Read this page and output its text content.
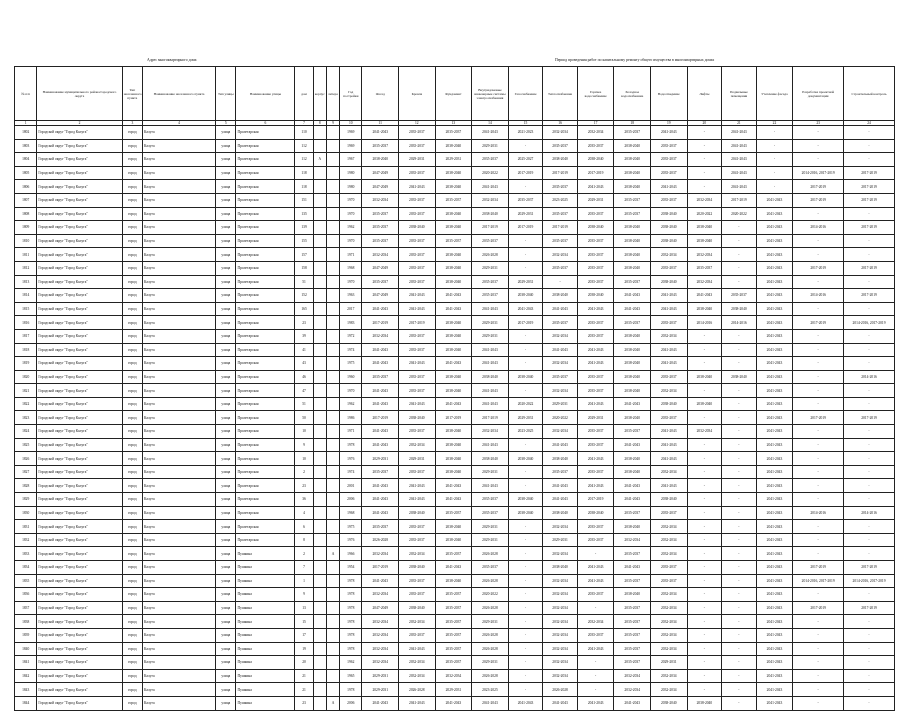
Адрес многоквартирного дома	Период проведения работ по капитальному ремонту общего имущества в многоквартирных домах
№ п/п	Наименование муниципального района/городского округа	Тип населенного пункта	Наименование населенного пункта	Тип улицы	Наименование улицы	дом	корпус	литера	Год постройки	Фасад	Кровля	Фундамент	Внутридомовые инженерные системы электроснабжения	Газоснабжение	Теплоснабжение	Горячее водоснабжение	Холодное водоснабжение	Водоотведение	Лифты	Подвальные помещения	Утепление фасада	Разработка проектной документации	Строительный контроль
1	2	3	4	5	6	7	8	9	10	11	12	13	14	15	16	17	18	19	20	21	22	23	24
1802	Городской округ "Город Калуга"	город	Калуга	улица	Пролетарская	110			1969	2041-2043	2035-2037	2035-2037	2041-2043	2021-2023	2032-2034	2032-2034	2035-2037	2041-2043	-	2041-2043	-	-	-
1803	Городской округ "Город Калуга"	город	Калуга	улица	Пролетарская	112			1969	2035-2037	2035-2037	2038-2040	2029-2031	-	2035-2037	2035-2037	2038-2040	2035-2037	-	2041-2043	-	-	-
1804	Городской округ "Город Калуга"	город	Калуга	улица	Пролетарская	112	А		1967	2038-2040	2029-2031	2029-2031	2035-2037	2025-2027	2038-2040	2038-2040	2038-2040	2035-2037	-	2041-2043	-	-	-
1805	Городской округ "Город Калуга"	город	Калуга	улица	Пролетарская	118			1980	2047-2049	2035-2037	2038-2040	2020-2022	2017-2019	2017-2019	2017-2019	2038-2040	2035-2037	-	2041-2043	-	2014-2016, 2017-2019	2017-2019
1806	Городской округ "Город Калуга"	город	Калуга	улица	Пролетарская	118			1980	2047-2049	2041-2043	2038-2040	2041-2043	-	2035-2037	2041-2043	2038-2040	2041-2043	-	2041-2043	-	2017-2019	2017-2019
1807	Городской округ "Город Калуга"	город	Калуга	улица	Пролетарская	151			1970	2032-2034	2035-2037	2035-2037	2032-2034	2035-2037	2023-2025	2029-2031	2035-2037	2035-2037	2032-2034	2017-2019	2041-2043	2017-2019	2017-2019
1808	Городской округ "Город Калуга"	город	Калуга	улица	Пролетарская	135			1970	2035-2037	2035-2037	2038-2040	2038-2040	2029-2031	2035-2037	2035-2037	2035-2037	2038-2040	2020-2022	2020-2022	2041-2043	-	-
1809	Городской округ "Город Калуга"	город	Калуга	улица	Пролетарская	139			1962	2035-2037	2038-2040	2038-2040	2017-2019	2017-2019	2017-2019	2038-2040	2038-2040	2038-2040	2038-2040	-	2041-2043	2014-2016	2017-2019
1810	Городской округ "Город Калуга"	город	Калуга	улица	Пролетарская	155			1970	2035-2037	2035-2037	2035-2037	2035-2037	-	2035-2037	2035-2037	2038-2040	2038-2040	2038-2040	-	2041-2043	-	-
1811	Городской округ "Город Калуга"	город	Калуга	улица	Пролетарская	157			1971	2032-2034	2035-2037	2038-2040	2026-2028	-	2032-2034	2035-2037	2038-2040	2032-2034	2032-2034	-	2041-2043	-	-
1812	Городской округ "Город Калуга"	город	Калуга	улица	Пролетарская	158			1968	2047-2049	2035-2037	2038-2040	2029-2031	-	2035-2037	2035-2037	2038-2040	2035-2037	2035-2037	-	2041-2043	2017-2019	2017-2019
1813	Городской округ "Город Калуга"	город	Калуга	улица	Пролетарская	51			1970	2035-2037	2035-2037	2038-2040	2035-2037	2029-2031	-	2035-2037	2035-2037	2038-2040	2032-2034	-	2041-2043	-	-
1814	Городской округ "Город Калуга"	город	Калуга	улица	Пролетарская	152			1963	2047-2049	2041-2043	2041-2043	2035-2037	2038-2040	2038-2040	2038-2040	2041-2043	2041-2043	2041-2043	2035-2037	2041-2043	2014-2016	2017-2019
1815	Городской округ "Город Калуга"	город	Калуга	улица	Пролетарская	165			2017	2041-2043	2041-2043	2041-2043	2041-2043	2041-2043	2041-2043	2041-2043	2041-2043	2041-2043	2038-2040	2038-2040	2041-2043	-	-
1816	Городской округ "Город Калуга"	город	Калуга	улица	Пролетарская	23			1983	2017-2019	2017-2019	2038-2040	2029-2031	2017-2019	2035-2037	2035-2037	2035-2037	2035-2037	2014-2016	2014-2016	2041-2043	2017-2019	2014-2016, 2017-2019
1817	Городской округ "Город Калуга"	город	Калуга	улица	Пролетарская	39			1972	2032-2034	2035-2037	2038-2040	2029-2031	-	2032-2034	2035-2037	2038-2040	2032-2034	-	-	2041-2043	-	-
1818	Городской округ "Город Калуга"	город	Калуга	улица	Пролетарская	41			1974	2041-2043	2035-2037	2038-2040	2041-2043	-	2041-2043	2041-2043	2038-2040	2041-2043	-	-	2041-2043	-	-
1819	Городской округ "Город Калуга"	город	Калуга	улица	Пролетарская	43			1975	2041-2043	2041-2043	2041-2043	2041-2043	-	2032-2034	2041-2043	2038-2040	2041-2043	-	-	2041-2043	-	-
1820	Городской округ "Город Калуга"	город	Калуга	улица	Пролетарская	46			1960	2035-2037	2035-2037	2038-2040	2038-2040	2038-2040	2035-2037	2035-2037	2038-2040	2035-2037	2038-2040	2038-2040	2041-2043	-	2014-2016
1821	Городской округ "Город Калуга"	город	Калуга	улица	Пролетарская	47			1970	2041-2043	2035-2037	2038-2040	2041-2043	-	2032-2034	2035-2037	2038-2040	2032-2034	-	-	2041-2043	-	-
1822	Городской округ "Город Калуга"	город	Калуга	улица	Пролетарская	51			1962	2041-2043	2041-2043	2041-2043	2041-2043	2020-2022	2029-2031	2041-2043	2041-2043	2038-2040	2038-2040	-	2041-2043	-	-
1823	Городской округ "Город Калуга"	город	Калуга	улица	Пролетарская	50			1986	2017-2019	2038-2040	2017-2019	2017-2019	2029-2031	2020-2022	2029-2031	2038-2040	2035-2037	-	-	2041-2043	2017-2019	2017-2019
1824	Городской округ "Город Калуга"	город	Калуга	улица	Пролетарская	10			1971	2041-2043	2035-2037	2038-2040	2032-2034	2023-2025	2032-2034	2035-2037	2035-2037	2041-2043	2032-2034	-	2041-2043	-	-
1825	Городской округ "Город Калуга"	город	Калуга	улица	Пролетарская	9			1978	2041-2043	2032-2034	2038-2040	2041-2043	-	2041-2043	2035-2037	2041-2043	2041-2043	-	-	2041-2043	-	-
1826	Городской округ "Город Калуга"	город	Калуга	улица	Пролетарская	10			1976	2029-2031	2029-2031	2038-2040	2038-2040	2038-2040	2038-2040	2041-2043	2038-2040	2041-2043	-	-	2041-2043	-	-
1827	Городской округ "Город Калуга"	город	Калуга	улица	Пролетарская	2			1974	2035-2037	2035-2037	2038-2040	2029-2031	-	2035-2037	2035-2037	2038-2040	2032-2034	-	-	2041-2043	-	-
1828	Городской округ "Город Калуга"	город	Калуга	улица	Пролетарская	23			2001	2041-2043	2041-2043	2041-2043	2041-2043	-	2041-2043	2041-2043	2041-2043	2041-2043	-	-	2041-2043	-	-
1829	Городской округ "Город Калуга"	город	Калуга	улица	Пролетарская	36			2006	2041-2043	2041-2043	2041-2043	2035-2037	2038-2040	2041-2043	2017-2019	2041-2043	2038-2040	-	-	2041-2043	-	-
1830	Городской округ "Город Калуга"	город	Калуга	улица	Пролетарская	4			1968	2041-2043	2038-2040	2035-2037	2035-2037	2038-2040	2038-2040	2038-2040	2035-2037	2035-2037	-	-	2041-2043	2014-2016	2014-2016
1831	Городской округ "Город Калуга"	город	Калуга	улица	Пролетарская	6			1975	2035-2037	2035-2037	2038-2040	2029-2031	-	2032-2034	2035-2037	2038-2040	2032-2034	-	-	2041-2043	-	-
1832	Городской округ "Город Калуга"	город	Калуга	улица	Пролетарская	8			1976	2026-2028	2035-2037	2038-2040	2029-2031	-	2029-2031	2035-2037	2032-2034	2032-2034	-	-	2041-2043	-	-
1833	Городской округ "Город Калуга"	город	Калуга	улица	Пушкина	2		А	1966	2032-2034	2032-2034	2035-2037	2026-2028	-	2032-2034	-	2035-2037	2032-2034	-	-	2041-2043	-	-
1834	Городской округ "Город Калуга"	город	Калуга	улица	Пушкина	7			1954	2017-2019	2038-2040	2041-2043	2035-2037	-	2038-2040	2041-2043	2041-2043	2035-2037	-	-	2041-2043	2017-2019	2017-2019
1835	Городской округ "Город Калуга"	город	Калуга	улица	Пушкина	1			1978	2041-2043	2035-2037	2038-2040	2026-2028	-	2032-2034	2041-2043	2035-2037	2035-2037	-	-	2041-2043	2014-2016, 2017-2019	2014-2016, 2017-2019
1836	Городской округ "Город Калуга"	город	Калуга	улица	Пушкина	9			1978	2032-2034	2035-2037	2035-2037	2020-2022	-	2032-2034	2035-2037	2038-2040	2032-2034	-	-	2041-2043	-	-
1837	Городской округ "Город Калуга"	город	Калуга	улица	Пушкина	13			1978	2047-2049	2038-2040	2035-2037	2026-2028	-	2032-2034	-	2035-2037	2032-2034	-	-	2041-2043	2017-2019	2017-2019
1838	Городской округ "Город Калуга"	город	Калуга	улица	Пушкина	15			1978	2032-2034	2032-2034	2035-2037	2029-2031	-	2032-2034	2032-2034	2035-2037	2032-2034	-	-	2041-2043	-	-
1839	Городской округ "Город Калуга"	город	Калуга	улица	Пушкина	17			1978	2032-2034	2035-2037	2035-2037	2026-2028	-	2032-2034	2035-2037	2035-2037	2032-2034	-	-	2041-2043	-	-
1840	Городской округ "Город Калуга"	город	Калуга	улица	Пушкина	19			1978	2032-2034	2041-2043	2035-2037	2026-2028	-	2032-2034	2041-2043	2035-2037	2032-2034	-	-	2041-2043	-	-
1841	Городской округ "Город Калуга"	город	Калуга	улица	Пушкина	20			1962	2032-2034	2032-2034	2035-2037	2029-2031	-	2032-2034	-	2035-2037	2029-2031	-	-	2041-2043	-	-
1842	Городской округ "Город Калуга"	город	Калуга	улица	Пушкина	21			1965	2029-2031	2032-2034	2032-2034	2026-2028	-	2032-2034	-	2032-2034	2032-2034	-	-	2041-2043	-	-
1843	Городской округ "Город Калуга"	город	Калуга	улица	Пушкина	21			1978	2029-2031	2026-2028	2029-2031	2023-2025	-	2026-2028	-	2032-2034	2032-2034	-	-	2041-2043	-	-
1844	Городской округ "Город Калуга"	город	Калуга	улица	Пушкина	23		А	2006	2041-2043	2041-2043	2041-2043	2041-2043	2041-2043	2041-2043	2041-2043	2041-2043	2038-2040	2038-2040	-	2041-2043	-	-
